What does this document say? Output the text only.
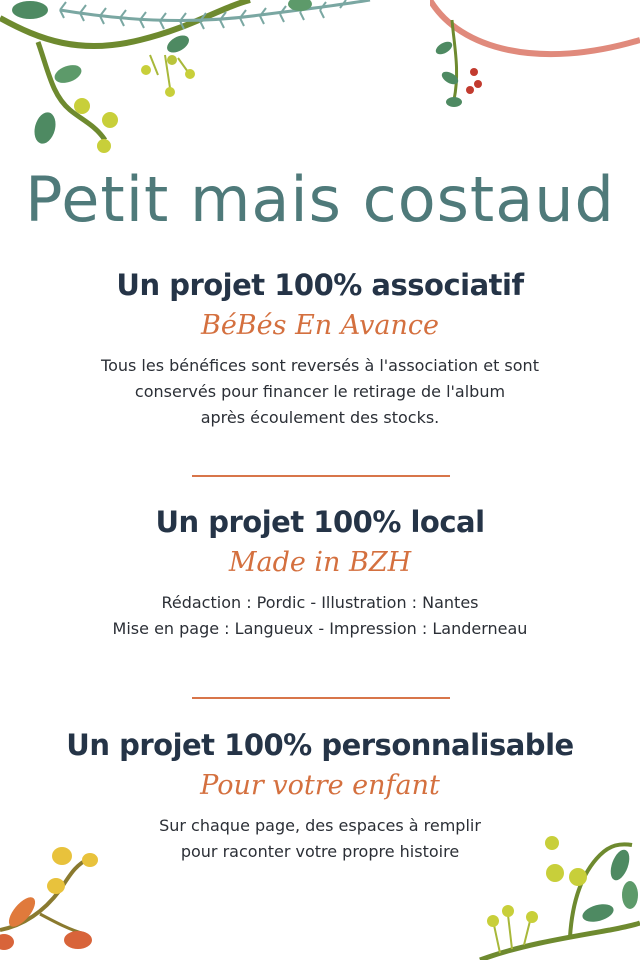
Petit mais costaud
Un projet 100% associatif
BéBés En Avance
Tous les bénéfices sont reversés à l'association et sont
conservés pour financer le retirage de l'album
après écoulement des stocks.
Un projet 100% local
Made in BZH
Rédaction : Pordic - Illustration : Nantes
Mise en page : Langueux - Impression : Landerneau
Un projet 100% personnalisable
Pour votre enfant
Sur chaque page, des espaces à remplir
pour raconter votre propre histoire
